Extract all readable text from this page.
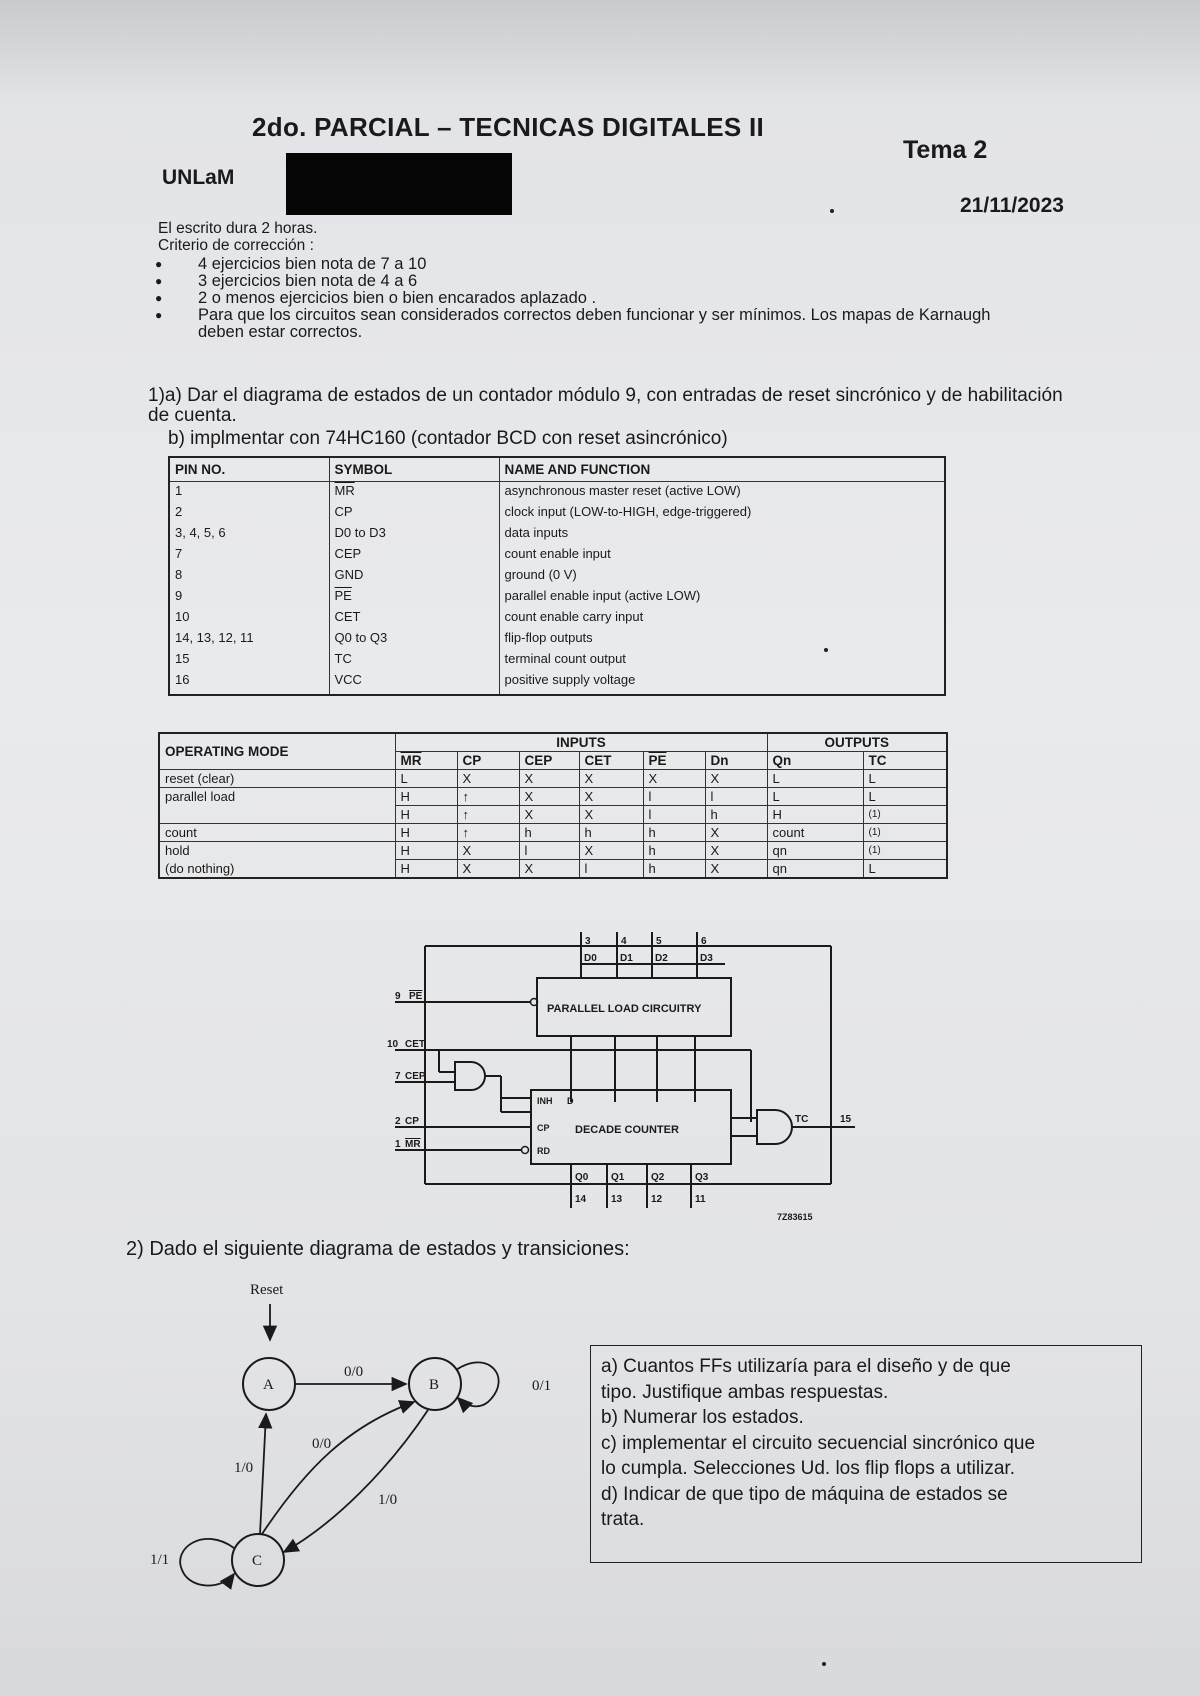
2do. PARCIAL – TECNICAS DIGITALES II
Tema 2
UNLaM
21/11/2023
El escrito dura 2 horas.
Criterio de corrección :
● 4 ejercicios bien nota de 7 a 10
● 3 ejercicios bien nota de 4 a 6
● 2 o menos ejercicios bien o bien encarados aplazado .
● Para que los circuitos sean considerados correctos deben funcionar y ser mínimos. Los mapas de Karnaugh deben estar correctos.
1)a) Dar el diagrama de estados de un contador módulo 9, con entradas de reset sincrónico y de habilitación de cuenta.
b) implmentar con 74HC160 (contador BCD con reset asincrónico)
PIN NO.	SYMBOL	NAME AND FUNCTION
1	$\overline{MR}$	asynchronous master reset (active LOW)
2	CP	clock input (LOW-to-HIGH, edge-triggered)
3, 4, 5, 6	D0 to D3	data inputs
7	CEP	count enable input
8	GND	ground (0 V)
9	$\overline{PE}$	parallel enable input (active LOW)
10	CET	count enable carry input
14, 13, 12, 11	Q0 to Q3	flip-flop outputs
15	TC	terminal count output
16	VCC	positive supply voltage
OPERATING MODE	INPUTS						OUTPUTS	
	$\overline{MR}$	CP	CEP	CET	$\overline{PE}$	Dn	Qn	TC
reset (clear)	L	X	X	X	X	X	L	L
parallel load	H	↑	X	X	l	l	L	L
	H	↑	X	X	l	h	H	(1)
count	H	↑	h	h	h	X	count	(1)
hold	H	X	l	X	h	X	qn	(1)
(do nothing)	H	X	X	l	h	X	qn	L
3	4	5	6
D0 D1 D2	D3
PARALLEL LOAD CIRCUITRY
INH D
CP
RD
DECADE COUNTER
TC	15
Q0 Q1	Q2	Q3
14 13	12	11
9 PE
10 CET
7 CEP
2 CP
1 MR
7Z83615
2) Dado el siguiente diagrama de estados y transiciones:
Reset
A	B
C
0/0
0/1
1/0
0/0
1/0
1/1
a) Cuantos FFs utilizaría para el diseño y de que
tipo. Justifique ambas respuestas.
b) Numerar los estados.
c) implementar el circuito secuencial sincrónico que
lo cumpla. Selecciones Ud. los flip flops a utilizar.
d) Indicar de que tipo de máquina de estados se
trata.
